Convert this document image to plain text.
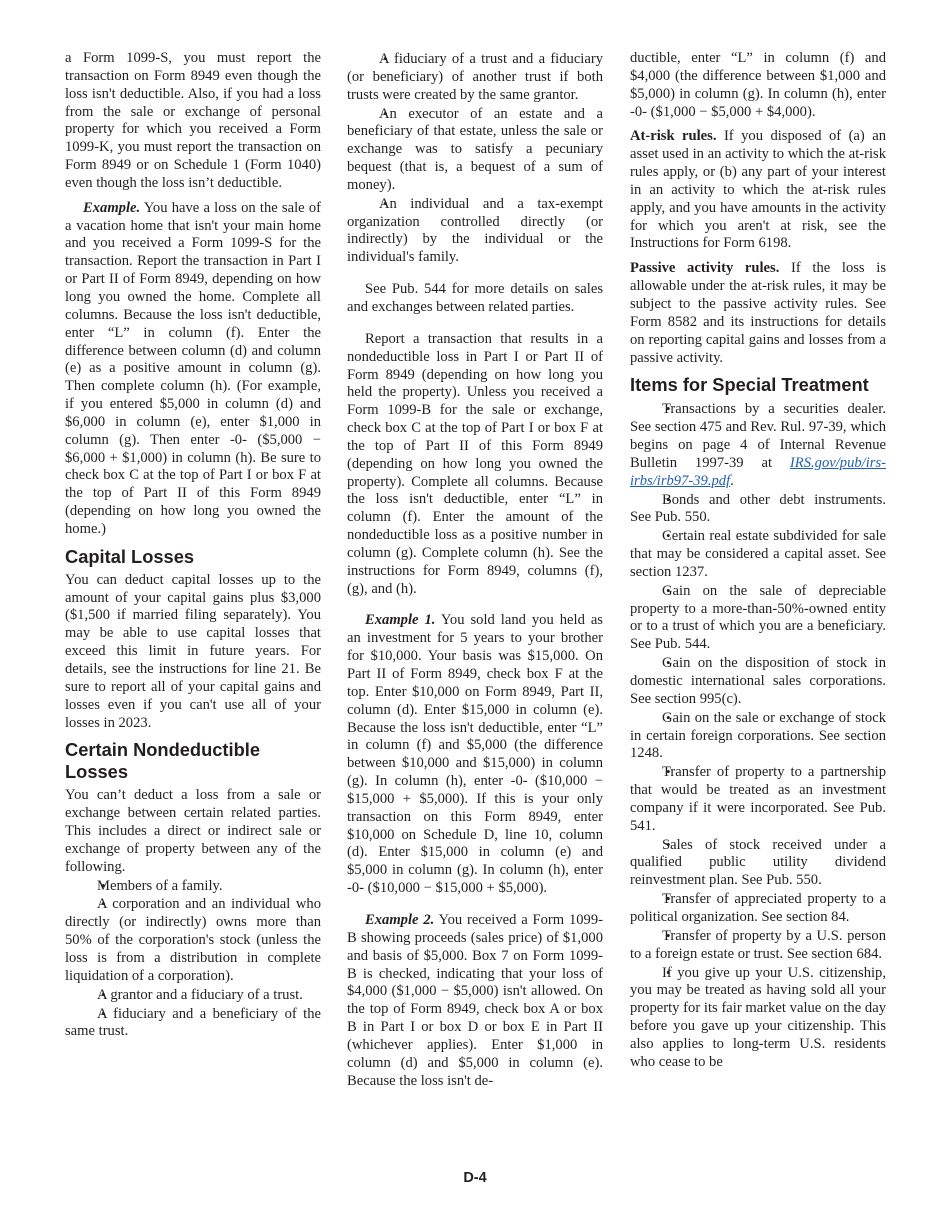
a Form 1099-S, you must report the transaction on Form 8949 even though the loss isn't deductible. Also, if you had a loss from the sale or exchange of personal property for which you received a Form 1099-K, you must report the transaction on Form 8949 or on Schedule 1 (Form 1040) even though the loss isn’t deductible.
Example. You have a loss on the sale of a vacation home that isn't your main home and you received a Form 1099-S for the transaction. Report the transaction in Part I or Part II of Form 8949, depending on how long you owned the home. Complete all columns. Because the loss isn't deductible, enter “L” in column (f). Enter the difference between column (d) and column (e) as a positive amount in column (g). Then complete column (h). (For example, if you entered $5,000 in column (d) and $6,000 in column (e), enter $1,000 in column (g). Then enter -0- ($5,000 − $6,000 + $1,000) in column (h). Be sure to check box C at the top of Part I or box F at the top of Part II of this Form 8949 (depending on how long you owned the home.)
Capital Losses
You can deduct capital losses up to the amount of your capital gains plus $3,000 ($1,500 if married filing separately). You may be able to use capital losses that exceed this limit in future years. For details, see the instructions for line 21. Be sure to report all of your capital gains and losses even if you can't use all of your losses in 2023.
Certain Nondeductible Losses
You can’t deduct a loss from a sale or exchange between certain related parties. This includes a direct or indirect sale or exchange of property between any of the following.
• Members of a family.
• A corporation and an individual who directly (or indirectly) owns more than 50% of the corporation's stock (unless the loss is from a distribution in complete liquidation of a corporation).
• A grantor and a fiduciary of a trust.
• A fiduciary and a beneficiary of the same trust.
• A fiduciary of a trust and a fiduciary (or beneficiary) of another trust if both trusts were created by the same grantor.
• An executor of an estate and a beneficiary of that estate, unless the sale or exchange was to satisfy a pecuniary bequest (that is, a bequest of a sum of money).
• An individual and a tax-exempt organization controlled directly (or indirectly) by the individual or the individual's family.
See Pub. 544 for more details on sales and exchanges between related parties.
Report a transaction that results in a nondeductible loss in Part I or Part II of Form 8949 (depending on how long you held the property). Unless you received a Form 1099-B for the sale or exchange, check box C at the top of Part I or box F at the top of Part II of this Form 8949 (depending on how long you owned the property). Complete all columns. Because the loss isn't deductible, enter “L” in column (f). Enter the amount of the nondeductible loss as a positive number in column (g). Complete column (h). See the instructions for Form 8949, columns (f), (g), and (h).
Example 1. You sold land you held as an investment for 5 years to your brother for $10,000. Your basis was $15,000. On Part II of Form 8949, check box F at the top. Enter $10,000 on Form 8949, Part II, column (d). Enter $15,000 in column (e). Because the loss isn't deductible, enter “L” in column (f) and $5,000 (the difference between $10,000 and $15,000) in column (g). In column (h), enter -0- ($10,000 − $15,000 + $5,000). If this is your only transaction on this Form 8949, enter $10,000 on Schedule D, line 10, column (d). Enter $15,000 in column (e) and $5,000 in column (g). In column (h), enter -0- ($10,000 − $15,000 + $5,000).
Example 2. You received a Form 1099-B showing proceeds (sales price) of $1,000 and basis of $5,000. Box 7 on Form 1099-B is checked, indicating that your loss of $4,000 ($1,000 − $5,000) isn't allowed. On the top of Form 8949, check box A or box B in Part I or box D or box E in Part II (whichever applies). Enter $1,000 in column (d) and $5,000 in column (e). Because the loss isn't de-
ductible, enter “L” in column (f) and $4,000 (the difference between $1,000 and $5,000) in column (g). In column (h), enter -0- ($1,000 − $5,000 + $4,000).
At-risk rules. If you disposed of (a) an asset used in an activity to which the at-risk rules apply, or (b) any part of your interest in an activity to which the at-risk rules apply, and you have amounts in the activity for which you aren't at risk, see the Instructions for Form 6198.
Passive activity rules. If the loss is allowable under the at-risk rules, it may be subject to the passive activity rules. See Form 8582 and its instructions for details on reporting capital gains and losses from a passive activity.
Items for Special Treatment
• Transactions by a securities dealer. See section 475 and Rev. Rul. 97-39, which begins on page 4 of Internal Revenue Bulletin 1997-39 at IRS.gov/pub/irs-irbs/irb97-39.pdf.
• Bonds and other debt instruments. See Pub. 550.
• Certain real estate subdivided for sale that may be considered a capital asset. See section 1237.
• Gain on the sale of depreciable property to a more-than-50%-owned entity or to a trust of which you are a beneficiary. See Pub. 544.
• Gain on the disposition of stock in domestic international sales corporations. See section 995(c).
• Gain on the sale or exchange of stock in certain foreign corporations. See section 1248.
• Transfer of property to a partnership that would be treated as an investment company if it were incorporated. See Pub. 541.
• Sales of stock received under a qualified public utility dividend reinvestment plan. See Pub. 550.
• Transfer of appreciated property to a political organization. See section 84.
• Transfer of property by a U.S. person to a foreign estate or trust. See section 684.
• If you give up your U.S. citizenship, you may be treated as having sold all your property for its fair market value on the day before you gave up your citizenship. This also applies to long-term U.S. residents who cease to be
D-4
